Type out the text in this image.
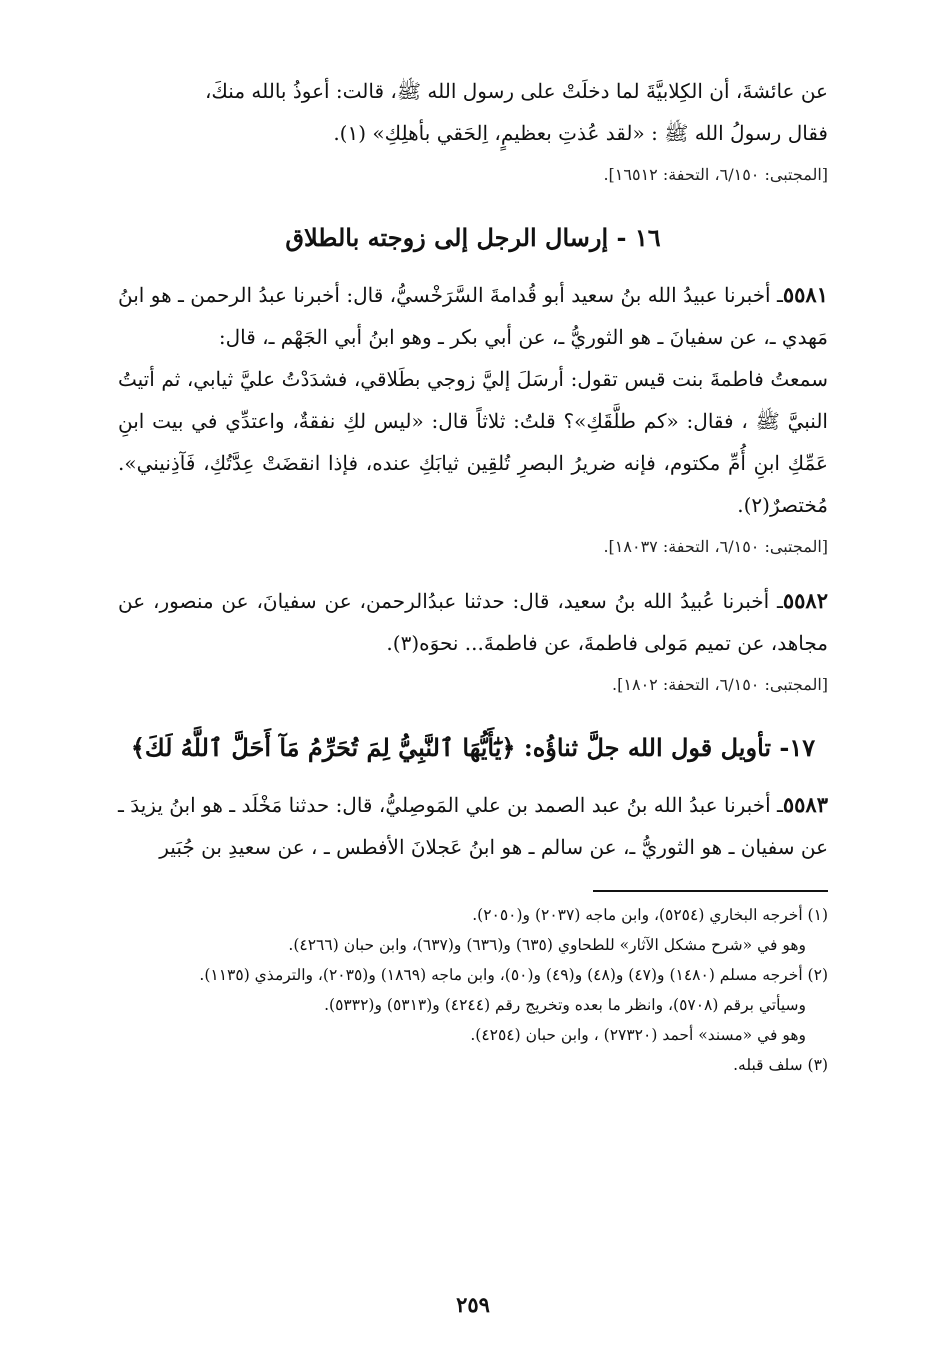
عن عائشةَ، أن الكِلابيَّةَ لما دخلَتْ على رسول الله ﷺ، قالت: أعوذُ بالله منكَ،
فقال رسولُ الله ﷺ : «لقد عُذتِ بعظيمٍ، اِلحَقي بأهلِكِ» (١).

[المجتبى: ٦/١٥٠، التحفة: ١٦٥١٢].
١٦ - إرسال الرجل إلى زوجته بالطلاق

٥٥٨١ـ أخبرنا عبيدُ الله بنُ سعيد أبو قُدامةَ السَّرَخْسيُّ، قال: أخبرنا عبدُ الرحمن ـ هو ابنُ مَهدي ـ، عن سفيانَ ـ هو الثوريُّ ـ، عن أبي بكر ـ وهو ابنُ أبي الجَهْم ـ، قال:

سمعتُ فاطمةَ بنت قيس تقول: أرسَلَ إليَّ زوجي بطَلاقي، فشدَدْتُ عليَّ ثيابي، ثم أتيتُ النبيَّ ﷺ ، فقال: «كم طلَّقَكِ»؟ قلتُ: ثلاثاً قال: «ليس لكِ نفقةٌ، واعتدِّي في بيت ابنِ عَمِّكِ ابنِ أُمِّ مكتوم، فإنه ضريرُ البصرِ تُلقِين ثيابَكِ عنده، فإذا انقضَتْ عِدَّتُكِ، فَآذِنيني». مُختصرٌ(٢).

[المجتبى: ٦/١٥٠، التحفة: ١٨٠٣٧].

٥٥٨٢ـ أخبرنا عُبيدُ الله بنُ سعيد، قال: حدثنا عبدُالرحمن، عن سفيانَ، عن منصور، عن مجاهد، عن تميم مَولى فاطمةَ، عن فاطمةَ... نحوَه(٣).

[المجتبى: ٦/١٥٠، التحفة: ١٨٠٢].
١٧- تأويل قول الله جلَّ ثناؤُه: ﴿يَٰٓأَيُّهَا ٱلنَّبِيُّ لِمَ تُحَرِّمُ مَآ أَحَلَّ ٱللَّهُ لَكَ﴾

٥٥٨٣ـ أخبرنا عبدُ الله بنُ عبد الصمد بن علي المَوصِليُّ، قال: حدثنا مَخْلَد ـ هو ابنُ يزيدَ ـ عن سفيان ـ هو الثوريُّ ـ، عن سالم ـ هو ابنُ عَجلانَ الأفطس ـ ، عن سعيدِ بن جُبَير

(١) أخرجه البخاري (٥٢٥٤)، وابن ماجه (٢٠٣٧) و(٢٠٥٠).

وهو في «شرح مشكل الآثار» للطحاوي (٦٣٥) و(٦٣٦) و(٦٣٧)، وابن حبان (٤٢٦٦).

(٢) أخرجه مسلم (١٤٨٠) و(٤٧) و(٤٨) و(٤٩) و(٥٠)، وابن ماجه (١٨٦٩) و(٢٠٣٥)، والترمذي (١١٣٥).

وسيأتي برقم (٥٧٠٨)، وانظر ما بعده وتخريج رقم (٤٢٤٤) و(٥٣١٣) و(٥٣٣٢).

وهو في «مسند» أحمد (٢٧٣٢٠) ، وابن حبان (٤٢٥٤).

(٣) سلف قبله.

٢٥٩
